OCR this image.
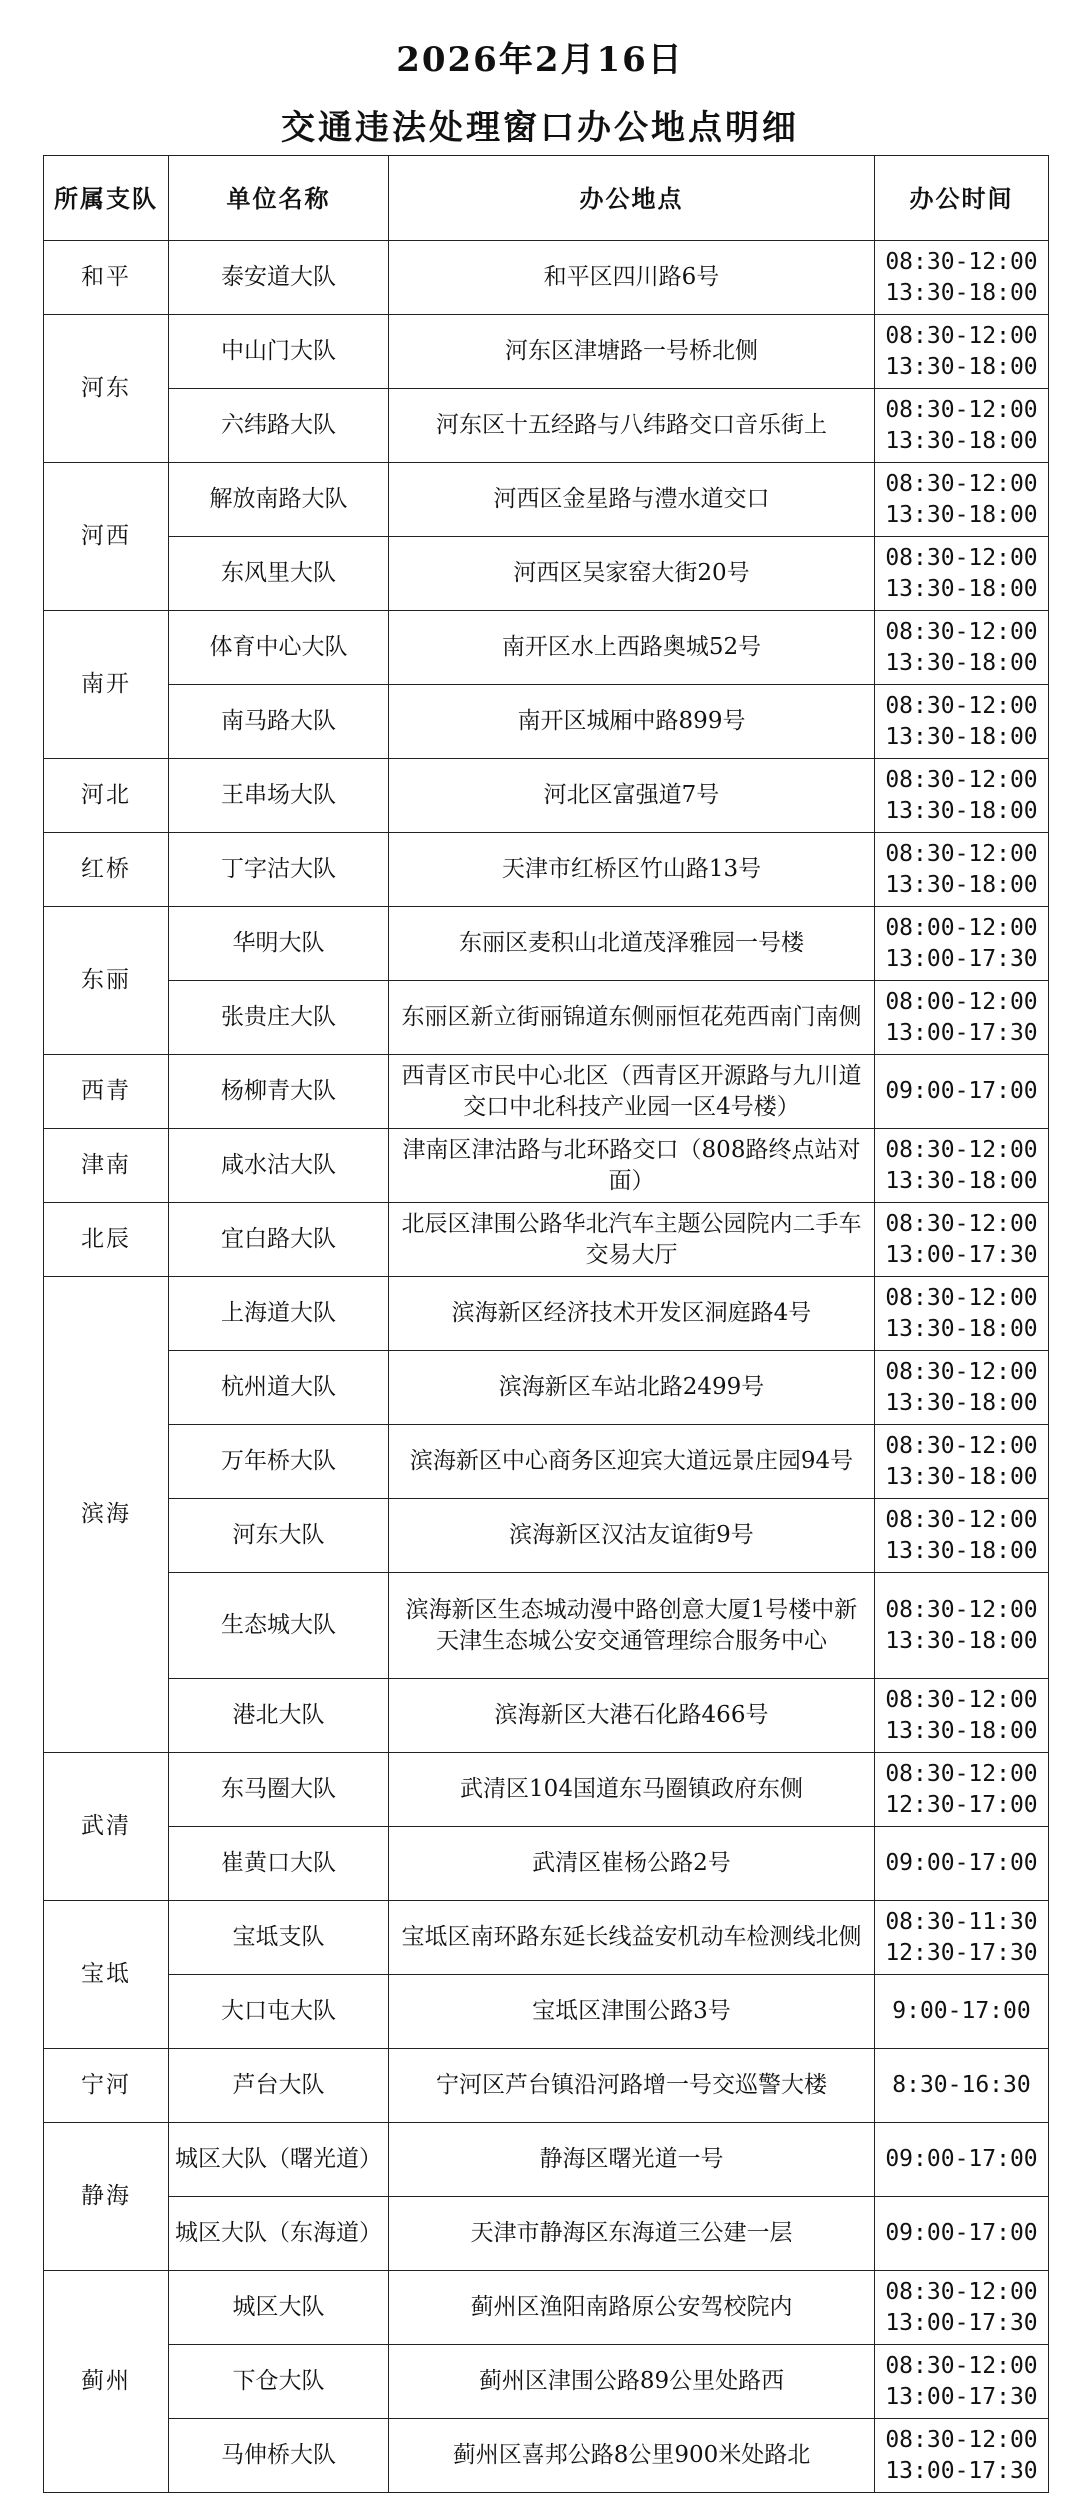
2026年2月16日
交通违法处理窗口办公地点明细
所属支队	单位名称	办公地点	办公时间
和平	泰安道大队	和平区四川路6号	08:30-12:00
13:30-18:00

河东	中山门大队	河东区津塘路一号桥北侧	08:30-12:00
13:30-18:00

	六纬路大队	河东区十五经路与八纬路交口音乐街上	08:30-12:00
13:30-18:00

河西	解放南路大队	河西区金星路与澧水道交口	08:30-12:00
13:30-18:00

	东风里大队	河西区吴家窑大街20号	08:30-12:00
13:30-18:00

南开	体育中心大队	南开区水上西路奥城52号	08:30-12:00
13:30-18:00

	南马路大队	南开区城厢中路899号	08:30-12:00
13:30-18:00

河北	王串场大队	河北区富强道7号	08:30-12:00
13:30-18:00

红桥	丁字沽大队	天津市红桥区竹山路13号	08:30-12:00
13:30-18:00

东丽	华明大队	东丽区麦积山北道茂泽雅园一号楼	08:00-12:00
13:00-17:30

	张贵庄大队	东丽区新立街丽锦道东侧丽恒花苑西南门南侧	08:00-12:00
13:00-17:30

西青	杨柳青大队	西青区市民中心北区（西青区开源路与九川道交口中北科技产业园一区4号楼）	09:00-17:00

津南	咸水沽大队	津南区津沽路与北环路交口（808路终点站对面）	08:30-12:00
13:30-18:00

北辰	宜白路大队	北辰区津围公路华北汽车主题公园院内二手车交易大厅	08:30-12:00
13:00-17:30

滨海	上海道大队	滨海新区经济技术开发区洞庭路4号	08:30-12:00
13:30-18:00

	杭州道大队	滨海新区车站北路2499号	08:30-12:00
13:30-18:00

	万年桥大队	滨海新区中心商务区迎宾大道远景庄园94号	08:30-12:00
13:30-18:00

	河东大队	滨海新区汉沽友谊街9号	08:30-12:00
13:30-18:00

	生态城大队	滨海新区生态城动漫中路创意大厦1号楼中新天津生态城公安交通管理综合服务中心	08:30-12:00
13:30-18:00

	港北大队	滨海新区大港石化路466号	08:30-12:00
13:30-18:00

武清	东马圈大队	武清区104国道东马圈镇政府东侧	08:30-12:00
12:30-17:00

	崔黄口大队	武清区崔杨公路2号	09:00-17:00

宝坻	宝坻支队	宝坻区南环路东延长线益安机动车检测线北侧	08:30-11:30
12:30-17:30

	大口屯大队	宝坻区津围公路3号	9:00-17:00

宁河	芦台大队	宁河区芦台镇沿河路增一号交巡警大楼	8:30-16:30

静海	城区大队（曙光道）	静海区曙光道一号	09:00-17:00

	城区大队（东海道）	天津市静海区东海道三公建一层	09:00-17:00

蓟州	城区大队	蓟州区渔阳南路原公安驾校院内	08:30-12:00
13:00-17:30

	下仓大队	蓟州区津围公路89公里处路西	08:30-12:00
13:00-17:30

	马伸桥大队	蓟州区喜邦公路8公里900米处路北	08:30-12:00
13:00-17:30
